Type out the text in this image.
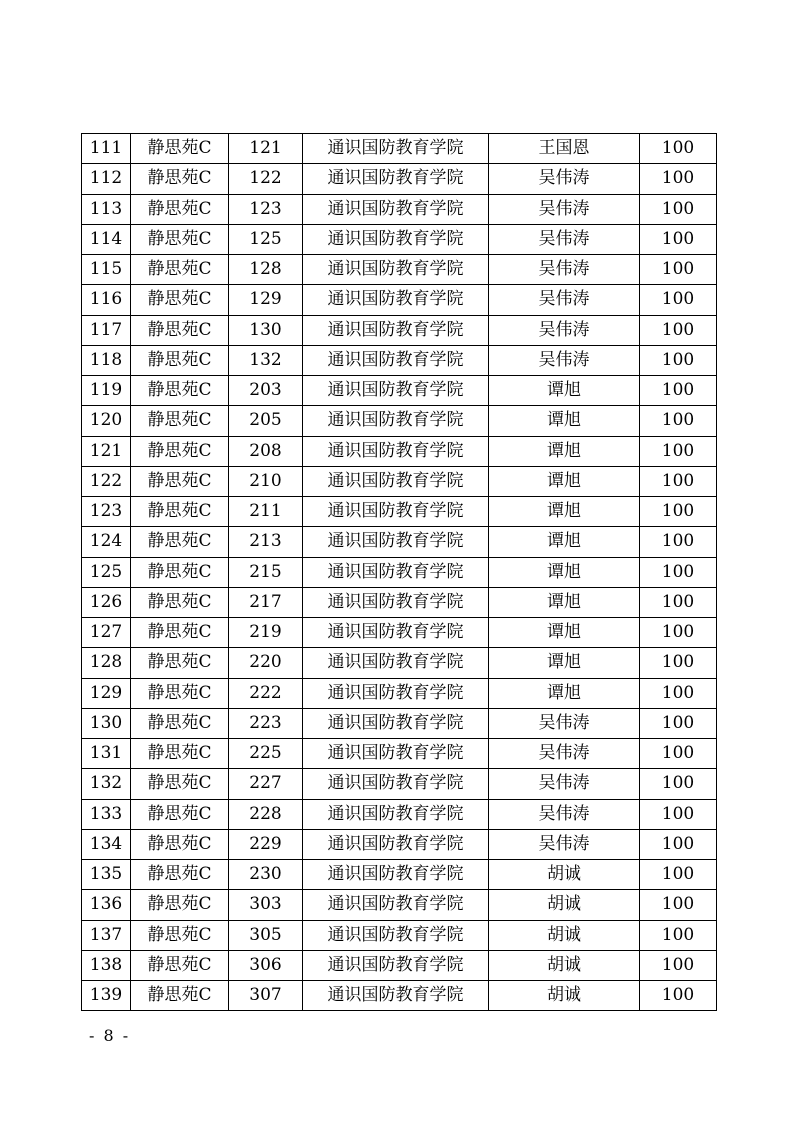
111	静思苑C	121	通识国防教育学院	王国恩	100
112	静思苑C	122	通识国防教育学院	吴伟涛	100
113	静思苑C	123	通识国防教育学院	吴伟涛	100
114	静思苑C	125	通识国防教育学院	吴伟涛	100
115	静思苑C	128	通识国防教育学院	吴伟涛	100
116	静思苑C	129	通识国防教育学院	吴伟涛	100
117	静思苑C	130	通识国防教育学院	吴伟涛	100
118	静思苑C	132	通识国防教育学院	吴伟涛	100
119	静思苑C	203	通识国防教育学院	谭旭	100
120	静思苑C	205	通识国防教育学院	谭旭	100
121	静思苑C	208	通识国防教育学院	谭旭	100
122	静思苑C	210	通识国防教育学院	谭旭	100
123	静思苑C	211	通识国防教育学院	谭旭	100
124	静思苑C	213	通识国防教育学院	谭旭	100
125	静思苑C	215	通识国防教育学院	谭旭	100
126	静思苑C	217	通识国防教育学院	谭旭	100
127	静思苑C	219	通识国防教育学院	谭旭	100
128	静思苑C	220	通识国防教育学院	谭旭	100
129	静思苑C	222	通识国防教育学院	谭旭	100
130	静思苑C	223	通识国防教育学院	吴伟涛	100
131	静思苑C	225	通识国防教育学院	吴伟涛	100
132	静思苑C	227	通识国防教育学院	吴伟涛	100
133	静思苑C	228	通识国防教育学院	吴伟涛	100
134	静思苑C	229	通识国防教育学院	吴伟涛	100
135	静思苑C	230	通识国防教育学院	胡诚	100
136	静思苑C	303	通识国防教育学院	胡诚	100
137	静思苑C	305	通识国防教育学院	胡诚	100
138	静思苑C	306	通识国防教育学院	胡诚	100
139	静思苑C	307	通识国防教育学院	胡诚	100
- 8 -
